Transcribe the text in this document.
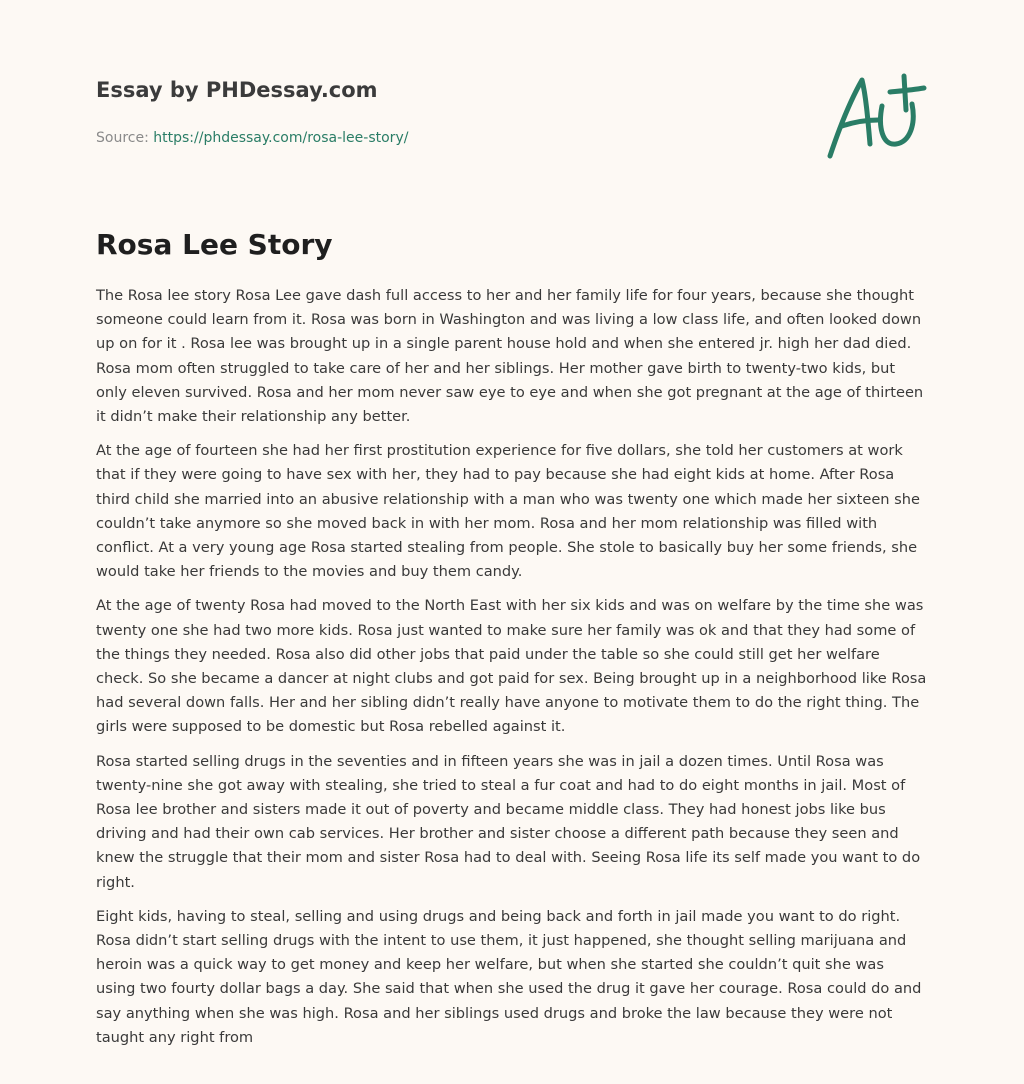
Essay by PHDessay.com
Source: https://phdessay.com/rosa-lee-story/
Rosa Lee Story

The Rosa lee story Rosa Lee gave dash full access to her and her family life for four years, because she thought someone could learn from it. Rosa was born in Washington and was living a low class life, and often looked down up on for it . Rosa lee was brought up in a single parent house hold and when she entered jr. high her dad died. Rosa mom often struggled to take care of her and her siblings. Her mother gave birth to twenty-two kids, but only eleven survived. Rosa and her mom never saw eye to eye and when she got pregnant at the age of thirteen it didn’t make their relationship any better.

At the age of fourteen she had her first prostitution experience for five dollars, she told her customers at work that if they were going to have sex with her, they had to pay because she had eight kids at home. After Rosa third child she married into an abusive relationship with a man who was twenty one which made her sixteen she couldn’t take anymore so she moved back in with her mom. Rosa and her mom relationship was filled with conflict. At a very young age Rosa started stealing from people. She stole to basically buy her some friends, she would take her friends to the movies and buy them candy.

At the age of twenty Rosa had moved to the North East with her six kids and was on welfare by the time she was twenty one she had two more kids. Rosa just wanted to make sure her family was ok and that they had some of the things they needed. Rosa also did other jobs that paid under the table so she could still get her welfare check. So she became a dancer at night clubs and got paid for sex. Being brought up in a neighborhood like Rosa had several down falls. Her and her sibling didn’t really have anyone to motivate them to do the right thing. The girls were supposed to be domestic but Rosa rebelled against it.

Rosa started selling drugs in the seventies and in fifteen years she was in jail a dozen times. Until Rosa was twenty-nine she got away with stealing, she tried to steal a fur coat and had to do eight months in jail. Most of Rosa lee brother and sisters made it out of poverty and became middle class. They had honest jobs like bus driving and had their own cab services. Her brother and sister choose a different path because they seen and knew the struggle that their mom and sister Rosa had to deal with. Seeing Rosa life its self made you want to do right.

Eight kids, having to steal, selling and using drugs and being back and forth in jail made you want to do right. Rosa didn’t start selling drugs with the intent to use them, it just happened, she thought selling marijuana and heroin was a quick way to get money and keep her welfare, but when she started she couldn’t quit she was using two fourty dollar bags a day. She said that when she used the drug it gave her courage. Rosa could do and say anything when she was high. Rosa and her siblings used drugs and broke the law because they were not taught any right from
